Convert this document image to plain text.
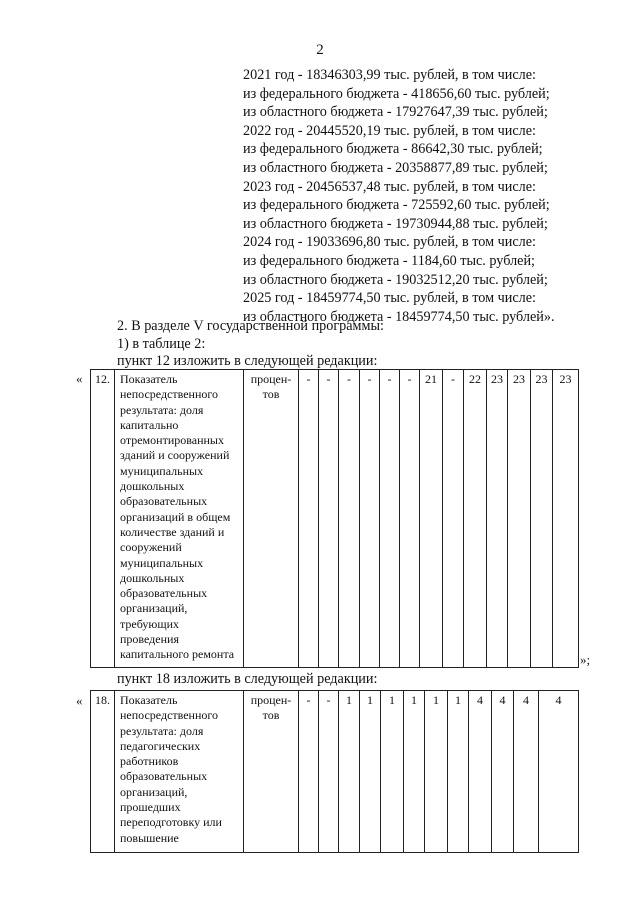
2
2021 год - 18346303,99 тыс. рублей, в том числе:
из федерального бюджета - 418656,60 тыс. рублей;
из областного бюджета - 17927647,39 тыс. рублей;
2022 год - 20445520,19 тыс. рублей, в том числе:
из федерального бюджета - 86642,30 тыс. рублей;
из областного бюджета - 20358877,89 тыс. рублей;
2023 год - 20456537,48 тыс. рублей, в том числе:
из федерального бюджета - 725592,60 тыс. рублей;
из областного бюджета - 19730944,88 тыс. рублей;
2024 год - 19033696,80 тыс. рублей, в том числе:
из федерального бюджета - 1184,60 тыс. рублей;
из областного бюджета - 19032512,20 тыс. рублей;
2025 год - 18459774,50 тыс. рублей, в том числе:
из областного бюджета - 18459774,50 тыс. рублей».
2. В разделе V государственной программы:
1) в таблице 2:
пункт 12 изложить в следующей редакции:
« 12.	Показатель непосредственного результата: доля капитально отремонтированных зданий и сооружений муниципальных дошкольных образовательных организаций в общем количестве зданий и сооружений муниципальных дошкольных образовательных организаций, требующих проведения капитального ремонта	процен-тов	-	-	-	-	-	-	21	-	22	23	23	23	23
»;
пункт 18 изложить в следующей редакции:
« 18.	Показатель непосредственного результата: доля педагогических работников образовательных организаций, прошедших переподготовку или повышение	процен-тов	-	-	1	1	1	1	1	1	4	4	4	4
